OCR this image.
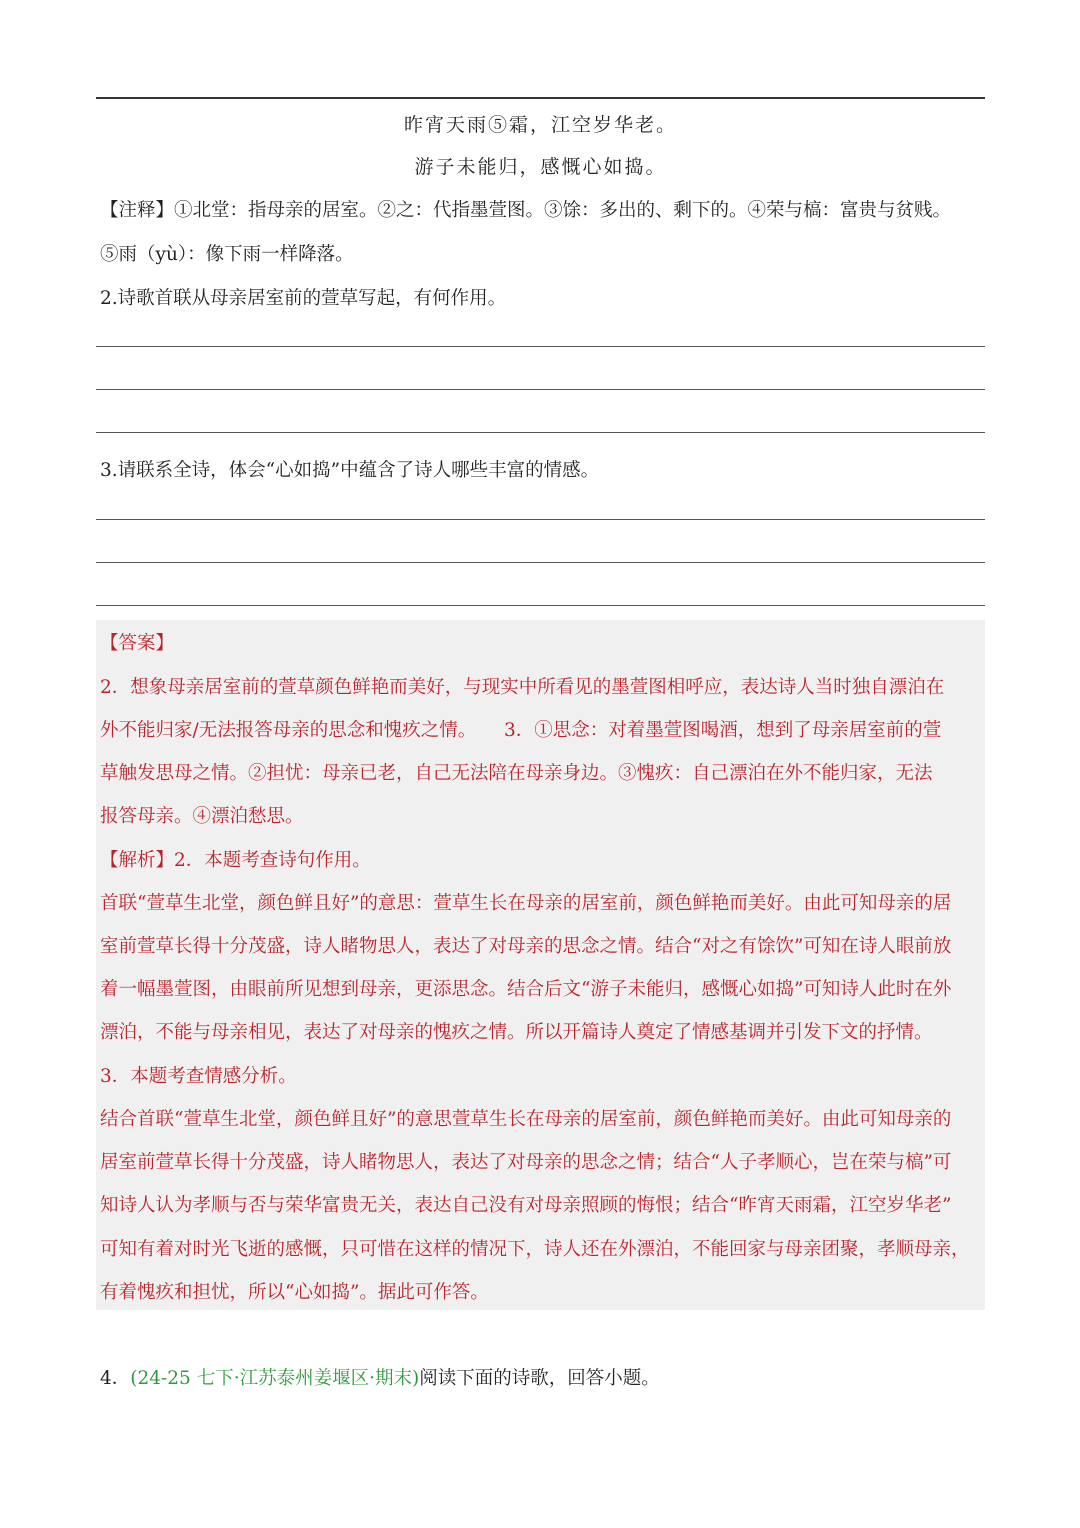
昨宵天雨⑤霜，江空岁华老。
游子未能归，感慨心如捣。
【注释】①北堂：指母亲的居室。②之：代指墨萱图。③馀：多出的、剩下的。④荣与槁：富贵与贫贱。
⑤雨（yù）：像下雨一样降落。
2.诗歌首联从母亲居室前的萱草写起，有何作用。
3.请联系全诗，体会“心如捣”中蕴含了诗人哪些丰富的情感。
【答案】
2．想象母亲居室前的萱草颜色鲜艳而美好，与现实中所看见的墨萱图相呼应，表达诗人当时独自漂泊在
外不能归家/无法报答母亲的思念和愧疚之情。　　3．①思念：对着墨萱图喝酒，想到了母亲居室前的萱
草触发思母之情。②担忧：母亲已老，自己无法陪在母亲身边。③愧疚：自己漂泊在外不能归家，无法
报答母亲。④漂泊愁思。
【解析】2．本题考查诗句作用。
首联“萱草生北堂，颜色鲜且好”的意思：萱草生长在母亲的居室前，颜色鲜艳而美好。由此可知母亲的居
室前萱草长得十分茂盛，诗人睹物思人，表达了对母亲的思念之情。结合“对之有馀饮”可知在诗人眼前放
着一幅墨萱图，由眼前所见想到母亲，更添思念。结合后文“游子未能归，感慨心如捣”可知诗人此时在外
漂泊，不能与母亲相见，表达了对母亲的愧疚之情。所以开篇诗人奠定了情感基调并引发下文的抒情。
3．本题考查情感分析。
结合首联“萱草生北堂，颜色鲜且好”的意思萱草生长在母亲的居室前，颜色鲜艳而美好。由此可知母亲的
居室前萱草长得十分茂盛，诗人睹物思人，表达了对母亲的思念之情；结合“人子孝顺心，岂在荣与槁”可
知诗人认为孝顺与否与荣华富贵无关，表达自己没有对母亲照顾的悔恨；结合“昨宵天雨霜，江空岁华老”
可知有着对时光飞逝的感慨，只可惜在这样的情况下，诗人还在外漂泊，不能回家与母亲团聚，孝顺母亲，
有着愧疚和担忧，所以“心如捣”。据此可作答。
4．(24-25 七下·江苏泰州姜堰区·期末)阅读下面的诗歌，回答小题。
